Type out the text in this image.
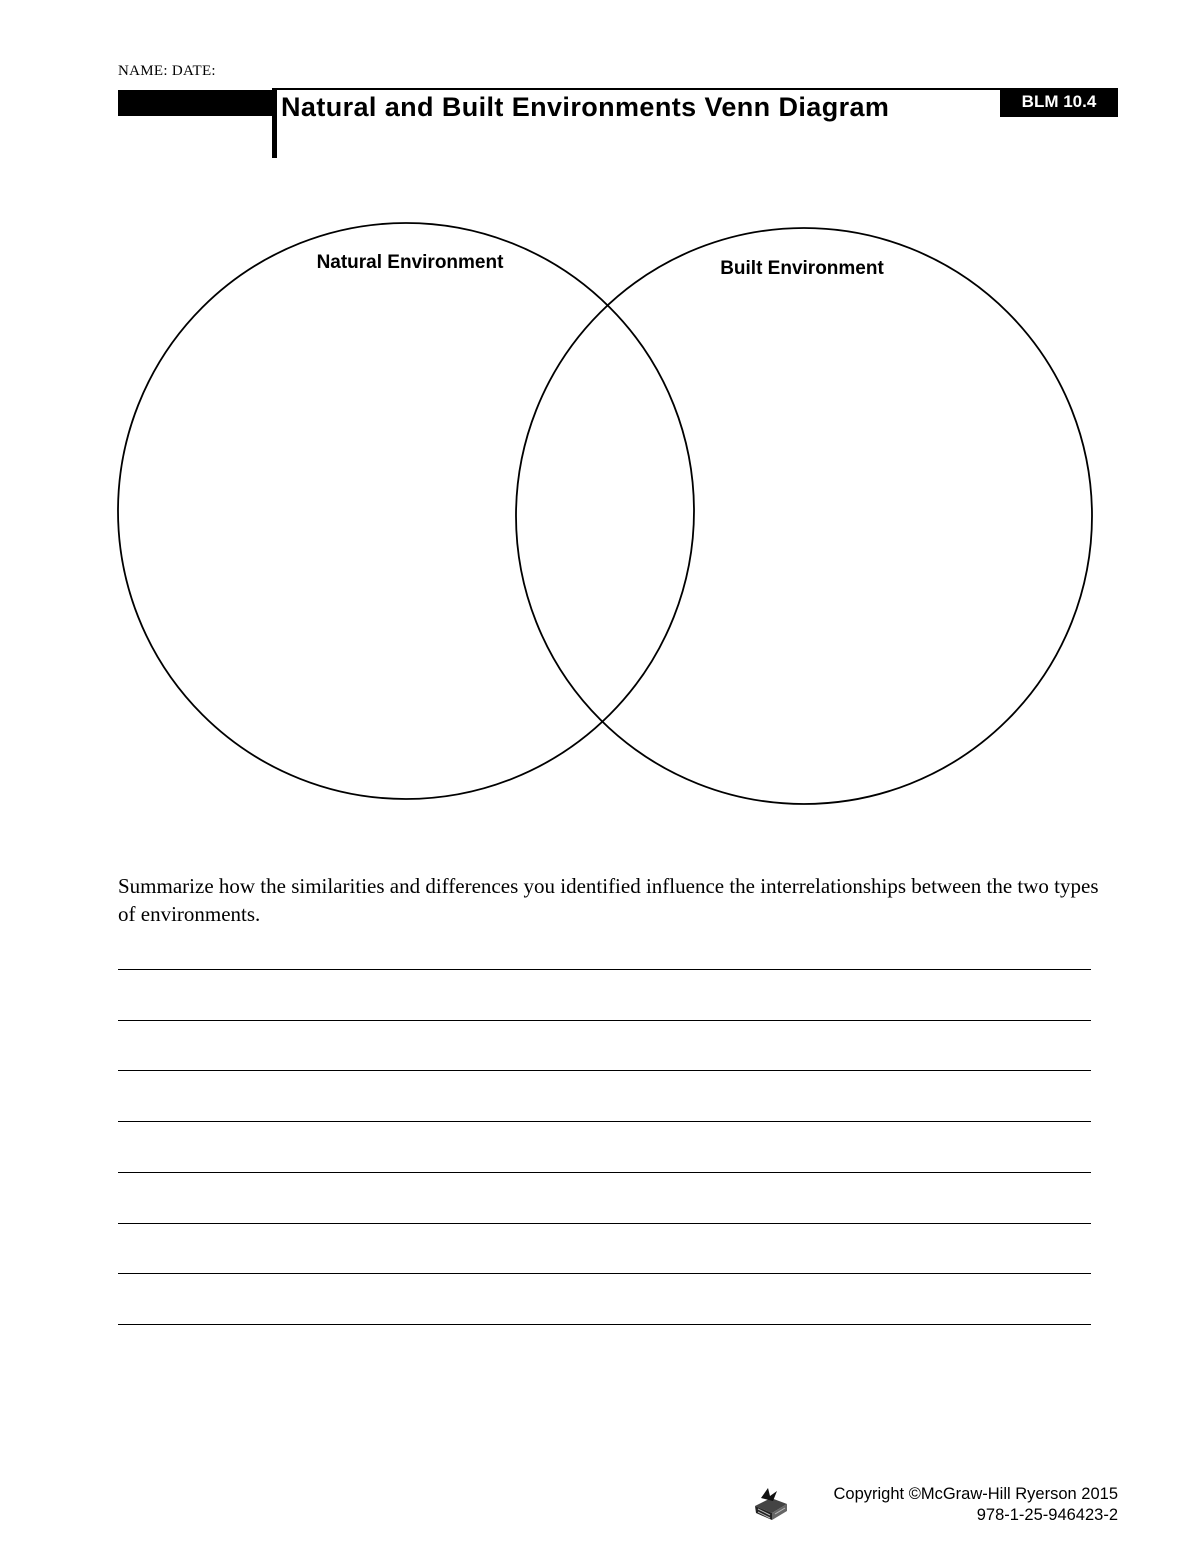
NAME: DATE:
Natural and Built Environments Venn Diagram	BLM 10.4
Natural Environment	Built Environment
Summarize how the similarities and differences you identified influence the interrelationships between the two types of environments.
Copyright ©McGraw-Hill Ryerson 2015
978-1-25-946423-2
